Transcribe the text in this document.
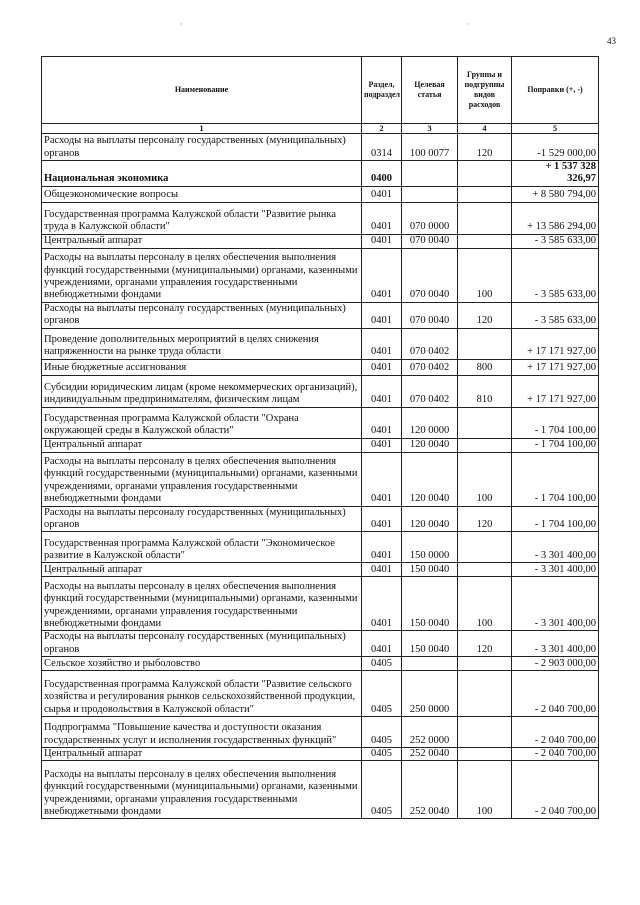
43
ˇ	ˇ
Наименование	Раздел, подраздел	Целевая статья	Группы и подгруппы видов расходов	Поправки (+, -)
1	2	3	4	5
Расходы на выплаты персоналу государственных (муниципальных) органов	0314	100 0077	120	-1 529 000,00
Национальная экономика	0400			+ 1 537 328 326,97
Общеэкономические вопросы	0401			+ 8 580 794,00
Государственная программа Калужской области "Развитие рынка труда в Калужской области"	0401	070 0000		+ 13 586 294,00
Центральный аппарат	0401	070 0040		- 3 585 633,00
Расходы на выплаты персоналу в целях обеспечения выполнения функций государственными (муниципальными) органами, казенными учреждениями, органами управления государственными внебюджетными фондами	0401	070 0040	100	- 3 585 633,00
Расходы на выплаты персоналу государственных (муниципальных) органов	0401	070 0040	120	- 3 585 633,00
Проведение дополнительных мероприятий в целях снижения напряженности на рынке труда области	0401	070 0402		+ 17 171 927,00
Иные бюджетные ассигнования	0401	070 0402	800	+ 17 171 927,00
Субсидии юридическим лицам (кроме некоммерческих организаций), индивидуальным предпринимателям, физическим лицам	0401	070 0402	810	+ 17 171 927,00
Государственная программа Калужской области "Охрана окружающей среды в Калужской области"	0401	120 0000		- 1 704 100,00
Центральный аппарат	0401	120 0040		- 1 704 100,00
Расходы на выплаты персоналу в целях обеспечения выполнения функций государственными (муниципальными) органами, казенными учреждениями, органами управления государственными внебюджетными фондами	0401	120 0040	100	- 1 704 100,00
Расходы на выплаты персоналу государственных (муниципальных) органов	0401	120 0040	120	- 1 704 100,00
Государственная программа Калужской области "Экономическое развитие в Калужской области"	0401	150 0000		- 3 301 400,00
Центральный аппарат	0401	150 0040		- 3 301 400,00
Расходы на выплаты персоналу в целях обеспечения выполнения функций государственными (муниципальными) органами, казенными учреждениями, органами управления государственными внебюджетными фондами	0401	150 0040	100	- 3 301 400,00
Расходы на выплаты персоналу государственных (муниципальных) органов	0401	150 0040	120	- 3 301 400,00
Сельское хозяйство и рыболовство	0405			- 2 903 000,00
Государственная программа Калужской области "Развитие сельского хозяйства и регулирования рынков сельскохозяйственной продукции, сырья и продовольствия в Калужской области"	0405	250 0000		- 2 040 700,00
Подпрограмма "Повышение качества и доступности оказания государственных услуг и исполнения государственных функций"	0405	252 0000		- 2 040 700,00
Центральный аппарат	0405	252 0040		- 2 040 700,00
Расходы на выплаты персоналу в целях обеспечения выполнения функций государственными (муниципальными) органами, казенными учреждениями, органами управления государственными внебюджетными фондами	0405	252 0040	100	- 2 040 700,00
